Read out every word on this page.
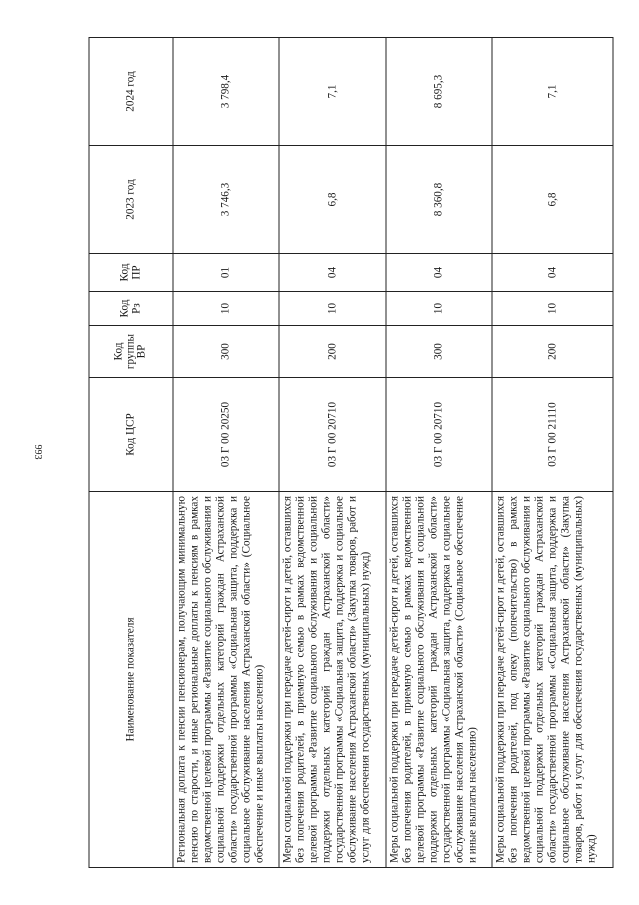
993
Наименование показателя	Код ЦСР	Код группы ВР	Код Рз	Код ПР	2023 год	2024 год
Региональная доплата к пенсии пенсионерам, получающим минимальную пенсию по старости, и иные региональные доплаты к пенсиям в рамках ведомственной целевой программы «Развитие социального обслуживания и социальной поддержки отдельных категорий граждан Астраханской области» государственной программы «Социальная защита, поддержка и социальное обслуживание населения Астраханской области» (Социальное обеспечение и иные выплаты населению)	03 Г 00 20250	300	10	01	3 746,3	3 798,4
Меры социальной поддержки при передаче детей-сирот и детей, оставшихся без попечения родителей, в приемную семью в рамках ведомственной целевой программы «Развитие социального обслуживания и социальной поддержки отдельных категорий граждан Астраханской области» государственной программы «Социальная защита, поддержка и социальное обслуживание населения Астраханской области» (Закупка товаров, работ и услуг для обеспечения государственных (муниципальных) нужд)	03 Г 00 20710	200	10	04	6,8	7,1
Меры социальной поддержки при передаче детей-сирот и детей, оставшихся без попечения родителей, в приемную семью в рамках ведомственной целевой программы «Развитие социального обслуживания и социальной поддержки отдельных категорий граждан Астраханской области» государственной программы «Социальная защита, поддержка и социальное обслуживание населения Астраханской области» (Социальное обеспечение и иные выплаты населению)	03 Г 00 20710	300	10	04	8 360,8	8 695,3
Меры социальной поддержки при передаче детей-сирот и детей, оставшихся без попечения родителей, под опеку (попечительство) в рамках ведомственной целевой программы «Развитие социального обслуживания и социальной поддержки отдельных категорий граждан Астраханской области» государственной программы «Социальная защита, поддержка и социальное обслуживание населения Астраханской области» (Закупка товаров, работ и услуг для обеспечения государственных (муниципальных) нужд)	03 Г 00 21110	200	10	04	6,8	7,1
